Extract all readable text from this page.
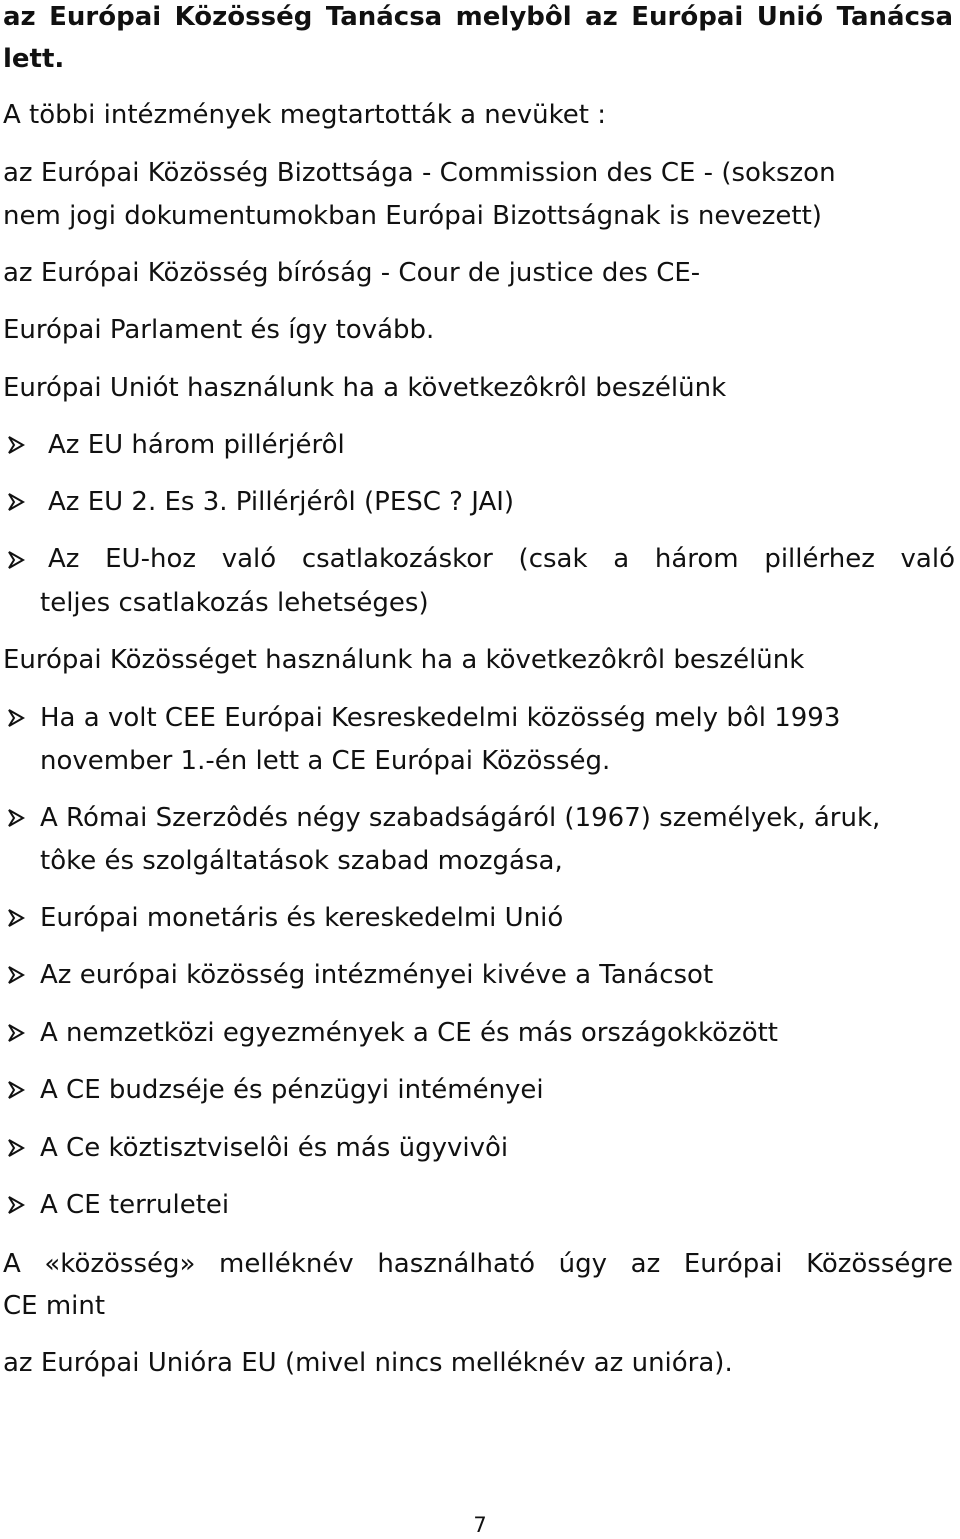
az Európai Közösség Tanácsa melybôl az Európai Unió Tanácsa
lett.
A többi intézmények megtartották a nevüket :
az Európai Közösség Bizottsága - Commission des CE - (sokszon
nem jogi dokumentumokban Európai Bizottságnak is nevezett)
az Európai Közösség bíróság - Cour de justice des CE-
Európai Parlament és így tovább.
Európai Uniót használunk ha a következôkrôl beszélünk
Az EU három pillérjérôl
Az EU 2. Es 3. Pillérjérôl (PESC ? JAI)
Az EU-hoz való csatlakozáskor (csak a három pillérhez való
teljes csatlakozás lehetséges)
Európai Közösséget használunk ha a következôkrôl beszélünk
Ha a volt CEE Európai Kesreskedelmi közösség mely bôl 1993
november 1.-én lett a CE Európai Közösség.
A Római Szerzôdés négy szabadságáról (1967) személyek, áruk,
tôke és szolgáltatások szabad mozgása,
Európai monetáris és kereskedelmi Unió
Az európai közösség intézményei kivéve a Tanácsot
A nemzetközi egyezmények a CE és más országokközött
A CE budzséje és pénzügyi intéményei
A Ce köztisztviselôi és más ügyvivôi
A CE terruletei
A «közösség» melléknév használható úgy az Európai Közösségre
CE mint
az Európai Unióra EU (mivel nincs melléknév az unióra).
7
